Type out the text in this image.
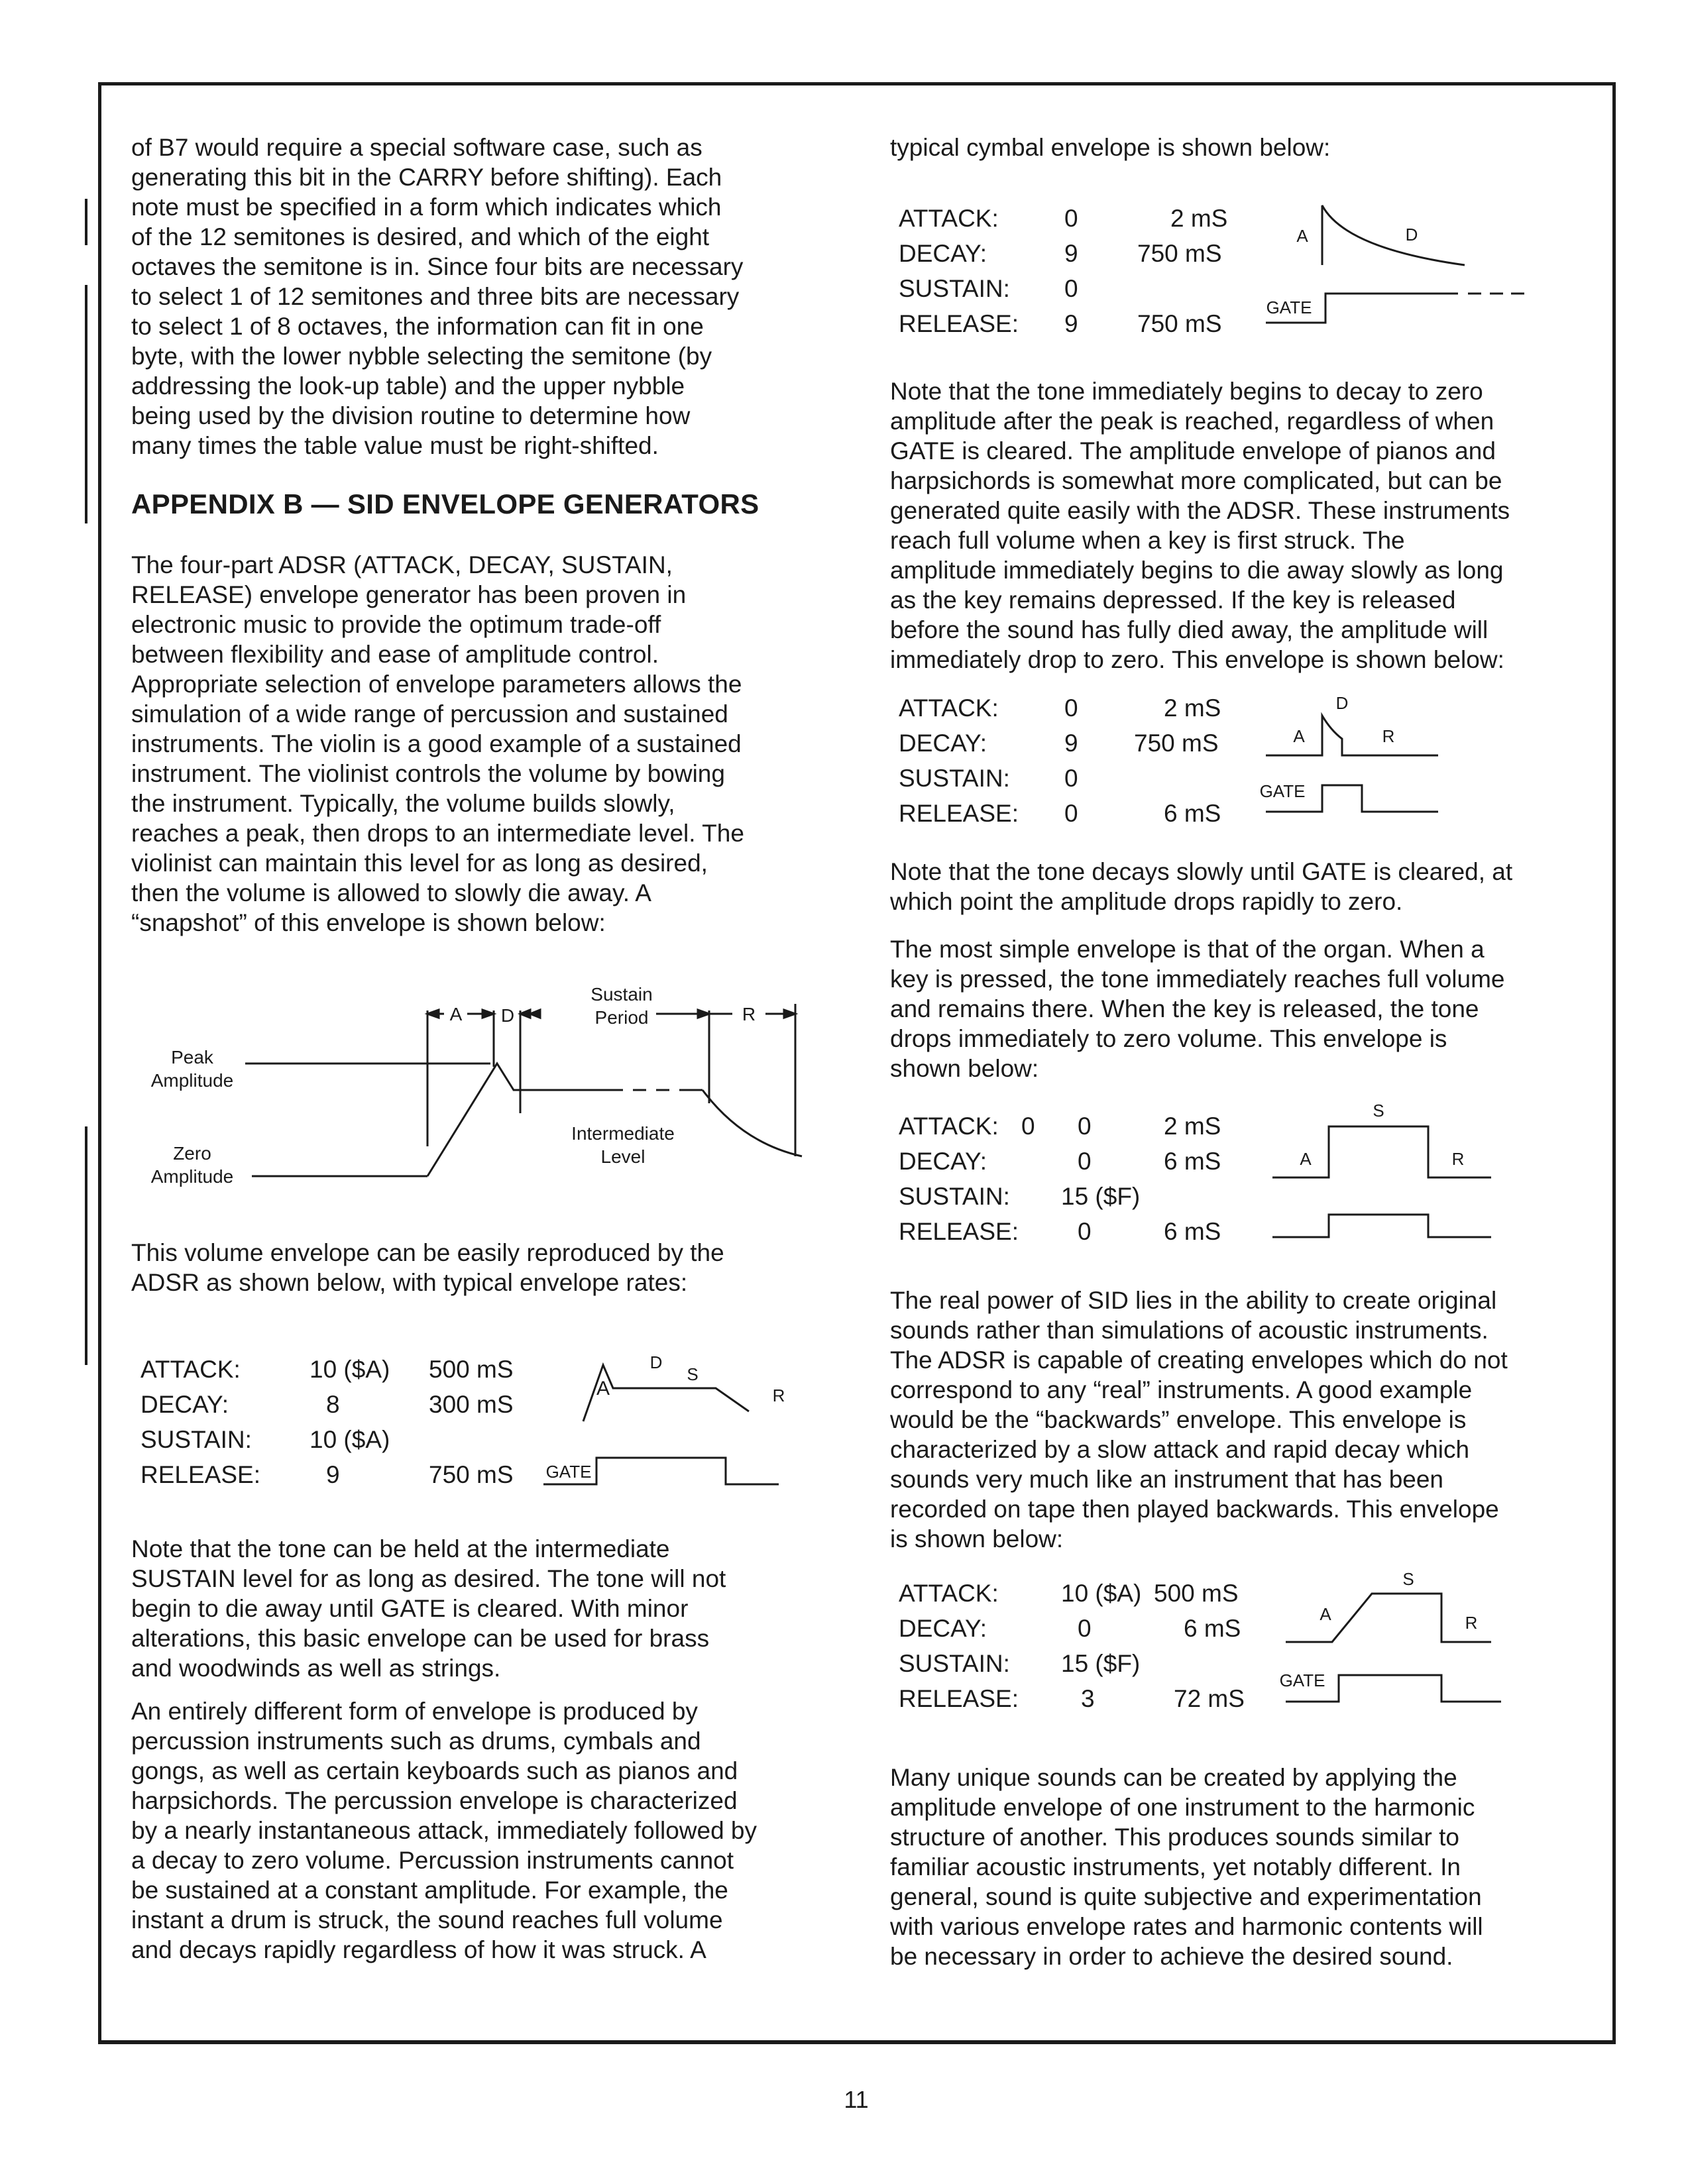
of B7 would require a special software case, such as
generating this bit in the CARRY before shifting). Each
note must be specified in a form which indicates which
of the 12 semitones is desired, and which of the eight
octaves the semitone is in. Since four bits are necessary
to select 1 of 12 semitones and three bits are necessary
to select 1 of 8 octaves, the information can fit in one
byte, with the lower nybble selecting the semitone (by
addressing the look-up table) and the upper nybble
being used by the division routine to determine how
many times the table value must be right-shifted.

APPENDIX B — SID ENVELOPE GENERATORS

The four-part ADSR (ATTACK, DECAY, SUSTAIN,
RELEASE) envelope generator has been proven in
electronic music to provide the optimum trade-off
between flexibility and ease of amplitude control.
Appropriate selection of envelope parameters allows the
simulation of a wide range of percussion and sustained
instruments. The violin is a good example of a sustained
instrument. The violinist controls the volume by bowing
the instrument. Typically, the volume builds slowly,
reaches a peak, then drops to an intermediate level. The
violinist can maintain this level for as long as desired,
then the volume is allowed to slowly die away. A
“snapshot” of this envelope is shown below:
A D
Sustain
Period	R
Peak
Amplitude
Zero
Amplitude
Intermediate
Level
This volume envelope can be easily reproduced by the
ADSR as shown below, with typical envelope rates:
ATTACK:	10 ($A) 500 mS
DECAY:	8	300 mS
SUSTAIN: 10 ($A)
RELEASE:	9	750 mS
A
D
S
R
GATE
Note that the tone can be held at the intermediate
SUSTAIN level for as long as desired. The tone will not
begin to die away until GATE is cleared. With minor
alterations, this basic envelope can be used for brass
and woodwinds as well as strings.
An entirely different form of envelope is produced by
percussion instruments such as drums, cymbals and
gongs, as well as certain keyboards such as pianos and
harpsichords. The percussion envelope is characterized
by a nearly instantaneous attack, immediately followed by
a decay to zero volume. Percussion instruments cannot
be sustained at a constant amplitude. For example, the
instant a drum is struck, the sound reaches full volume
and decays rapidly regardless of how it was struck. A
typical cymbal envelope is shown below:
ATTACK:	0	2 mS
DECAY:	9 750 mS
SUSTAIN: 0
RELEASE: 9 750 mS
A	D
GATE
Note that the tone immediately begins to decay to zero
amplitude after the peak is reached, regardless of when
GATE is cleared. The amplitude envelope of pianos and
harpsichords is somewhat more complicated, but can be
generated quite easily with the ADSR. These instruments
reach full volume when a key is first struck. The
amplitude immediately begins to die away slowly as long
as the key remains depressed. If the key is released
before the sound has fully died away, the amplitude will
immediately drop to zero. This envelope is shown below:
ATTACK:	0	2 mS
DECAY:	9 750 mS
SUSTAIN: 0
RELEASE: 0	6 mS
A
D
R
GATE
Note that the tone decays slowly until GATE is cleared, at
which point the amplitude drops rapidly to zero.
The most simple envelope is that of the organ. When a
key is pressed, the tone immediately reaches full volume
and remains there. When the key is released, the tone
drops immediately to zero volume. This envelope is
shown below:
ATTACK: 0 0	2 mS
DECAY:	0	6 mS
SUSTAIN: 15 ($F)
RELEASE: 0	6 mS
A
S
R
The real power of SID lies in the ability to create original
sounds rather than simulations of acoustic instruments.
The ADSR is capable of creating envelopes which do not
correspond to any “real” instruments. A good example
would be the “backwards” envelope. This envelope is
characterized by a slow attack and rapid decay which
sounds very much like an instrument that has been
recorded on tape then played backwards. This envelope
is shown below:
ATTACK:	10 ($A) 500 mS
DECAY:	0	6 mS
SUSTAIN: 15 ($F)
RELEASE:	3	72 mS
A
S
R
GATE
Many unique sounds can be created by applying the
amplitude envelope of one instrument to the harmonic
structure of another. This produces sounds similar to
familiar acoustic instruments, yet notably different. In
general, sound is quite subjective and experimentation
with various envelope rates and harmonic contents will
be necessary in order to achieve the desired sound.
11
